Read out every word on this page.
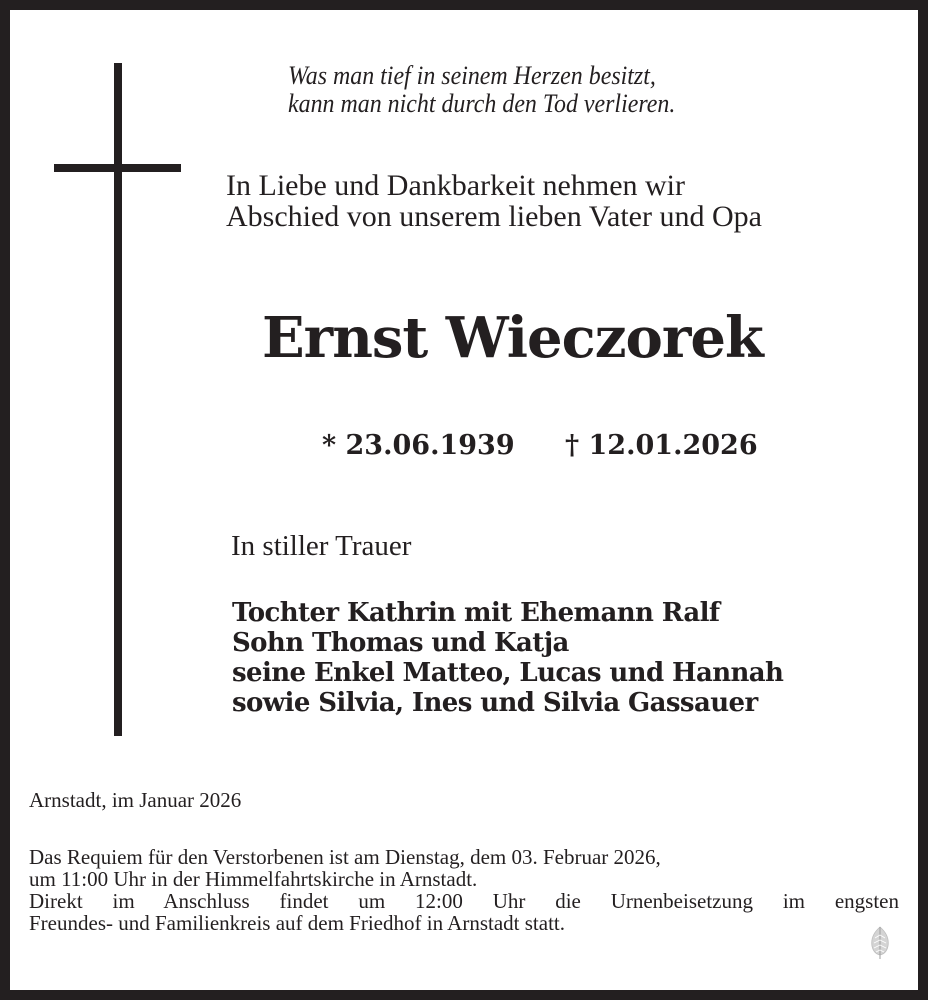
Was man tief in seinem Herzen besitzt,
kann man nicht durch den Tod verlieren.
In Liebe und Dankbarkeit nehmen wir
Abschied von unserem lieben Vater und Opa
Ernst Wieczorek
* 23.06.1939 † 12.01.2026
In stiller Trauer
Tochter Kathrin mit Ehemann Ralf
Sohn Thomas und Katja
seine Enkel Matteo, Lucas und Hannah
sowie Silvia, Ines und Silvia Gassauer
Arnstadt, im Januar 2026
Das Requiem für den Verstorbenen ist am Dienstag, dem 03. Februar 2026,
um 11:00 Uhr in der Himmelfahrtskirche in Arnstadt.
Direkt im Anschluss findet um 12:00 Uhr die Urnenbeisetzung im engsten
Freundes- und Familienkreis auf dem Friedhof in Arnstadt statt.
